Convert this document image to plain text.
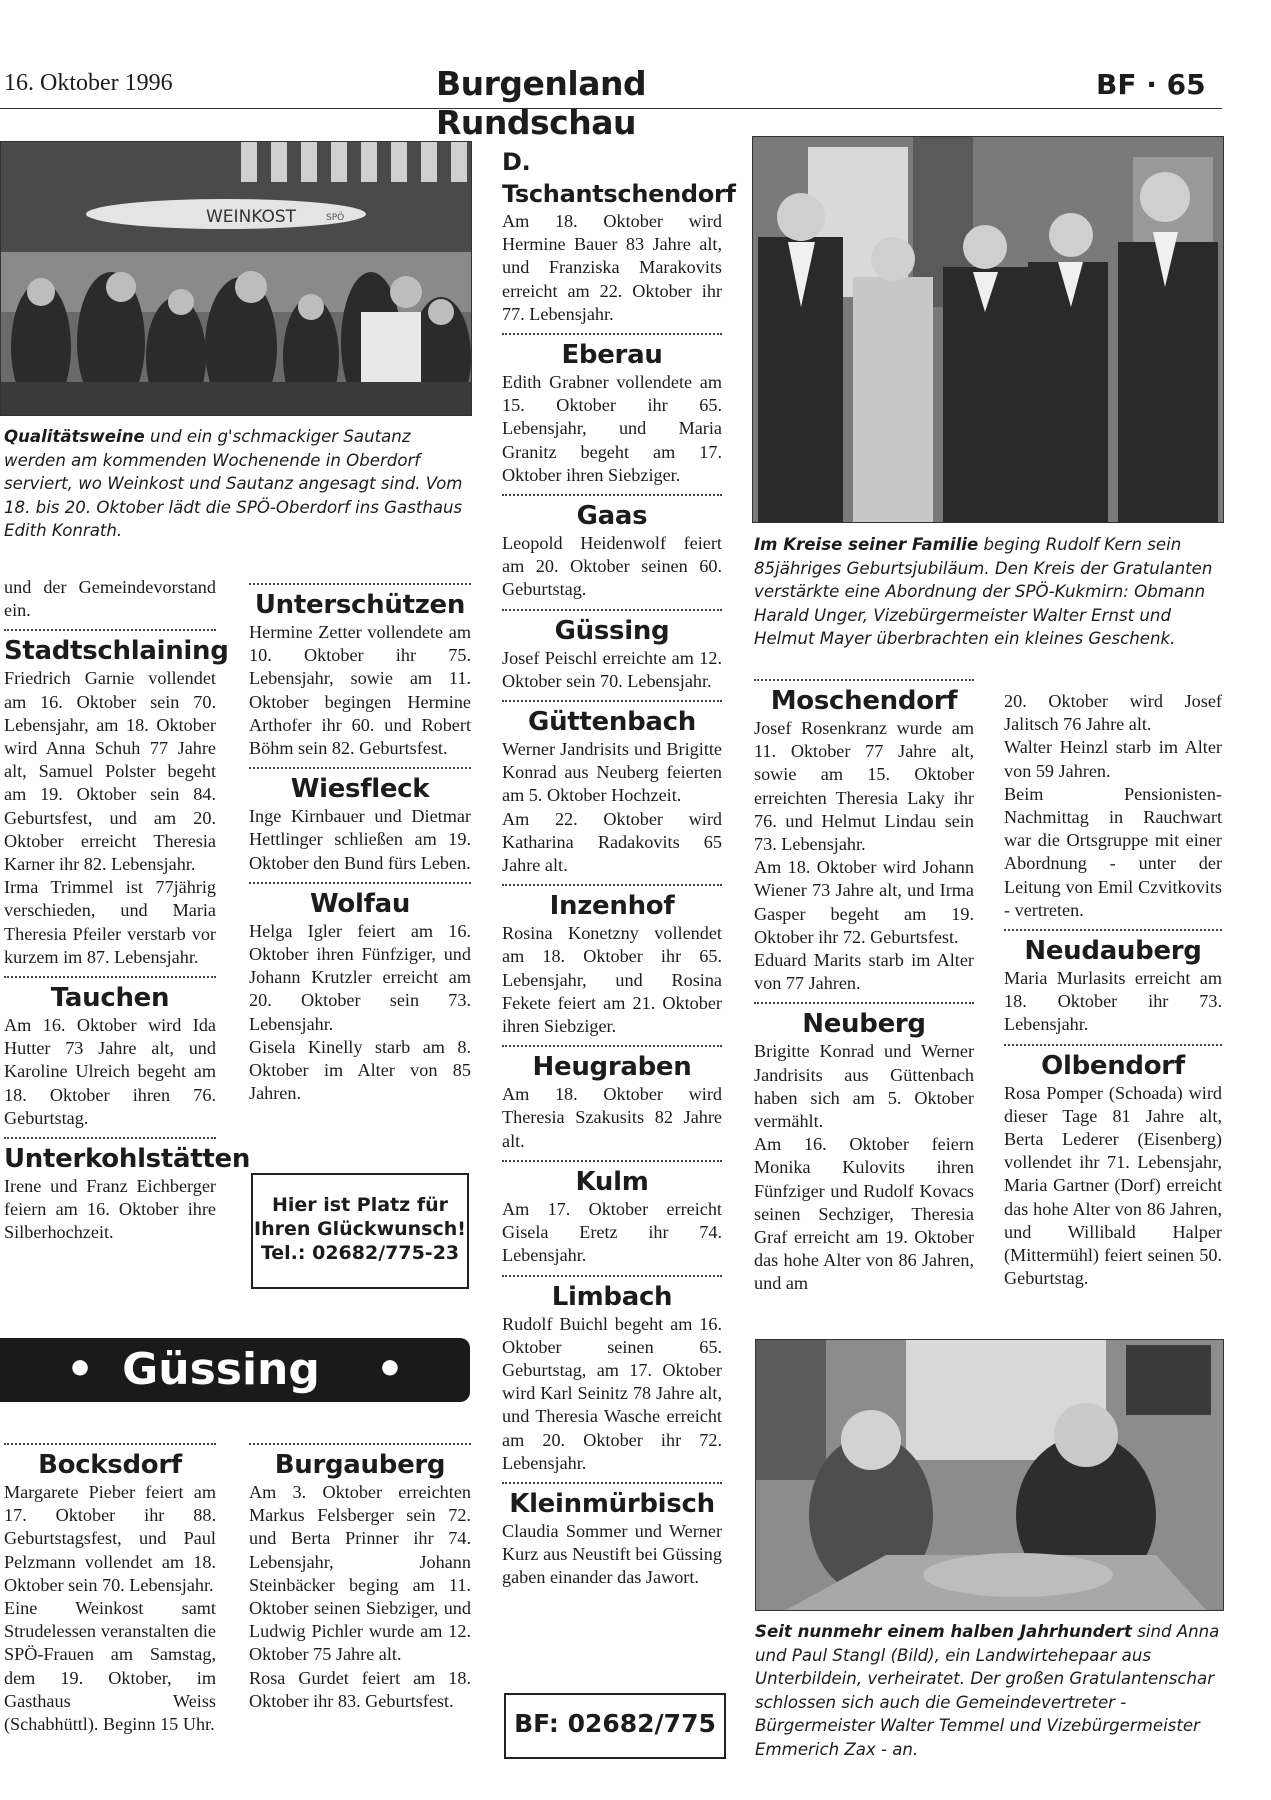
16. Oktober 1996	Burgenland Rundschau
BF · 65
WEINKOST	SPÖ
Qualitätsweine und ein g'schmackiger Sautanz werden am kommenden Wochenende in Oberdorf serviert, wo Weinkost und Sautanz angesagt sind. Vom 18. bis 20. Oktober lädt die SPÖ-Oberdorf ins Gasthaus Edith Konrath.
Im Kreise seiner Familie beging Rudolf Kern sein 85jähriges Geburtsjubiläum. Den Kreis der Gratulanten verstärkte eine Abordnung der SPÖ-Kukmirn: Obmann Harald Unger, Vizebürgermeister Walter Ernst und Helmut Mayer überbrachten ein kleines Geschenk.
Seit nunmehr einem halben Jahrhundert sind Anna und Paul Stangl (Bild), ein Landwirtehepaar aus Unterbildein, verheiratet. Der großen Gratulantenschar schlossen sich auch die Gemeindevertreter - Bürgermeister Walter Temmel und Vizebürgermeister Emmerich Zax - an.

und der Gemeindevorstand ein.

Stadtschlaining

Friedrich Garnie vollendet am 16. Oktober sein 70. Lebensjahr, am 18. Oktober wird Anna Schuh 77 Jahre alt, Samuel Polster begeht am 19. Oktober sein 84. Geburtsfest, und am 20. Oktober erreicht Theresia Karner ihr 82. Lebensjahr.

Irma Trimmel ist 77jährig verschieden, und Maria Theresia Pfeiler verstarb vor kurzem im 87. Lebensjahr.

Tauchen

Am 16. Oktober wird Ida Hutter 73 Jahre alt, und Karoline Ulreich begeht am 18. Oktober ihren 76. Geburtstag.

Unterkohlstätten

Irene und Franz Eichberger feiern am 16. Oktober ihre Silberhochzeit.

Unterschützen

Hermine Zetter vollendete am 10. Oktober ihr 75. Lebensjahr, sowie am 11. Oktober begingen Hermine Arthofer ihr 60. und Robert Böhm sein 82. Geburtsfest.

Wiesfleck

Inge Kirnbauer und Dietmar Hettlinger schließen am 19. Oktober den Bund fürs Leben.

Wolfau

Helga Igler feiert am 16. Oktober ihren Fünfziger, und Johann Krutzler erreicht am 20. Oktober sein 73. Lebensjahr.

Gisela Kinelly starb am 8. Oktober im Alter von 85 Jahren.

Hier ist Platz für
Ihren Glückwunsch!
Tel.: 02682/775-23
• Güssing •
Bocksdorf

Margarete Pieber feiert am 17. Oktober ihr 88. Geburtstagsfest, und Paul Pelzmann vollendet am 18. Oktober sein 70. Lebensjahr.

Eine Weinkost samt Strudelessen veranstalten die SPÖ-Frauen am Samstag, dem 19. Oktober, im Gasthaus Weiss (Schabhüttl). Beginn 15 Uhr.

Burgauberg

Am 3. Oktober erreichten Markus Felsberger sein 72. und Berta Prinner ihr 74. Lebensjahr, Johann Steinbäcker beging am 11. Oktober seinen Siebziger, und Ludwig Pichler wurde am 12. Oktober 75 Jahre alt.

Rosa Gurdet feiert am 18. Oktober ihr 83. Geburtsfest.

D. Tschantschendorf

Am 18. Oktober wird Hermine Bauer 83 Jahre alt, und Franziska Marakovits erreicht am 22. Oktober ihr 77. Lebensjahr.

Eberau

Edith Grabner vollendete am 15. Oktober ihr 65. Lebensjahr, und Maria Granitz begeht am 17. Oktober ihren Siebziger.

Gaas

Leopold Heidenwolf feiert am 20. Oktober seinen 60. Geburtstag.

Güssing

Josef Peischl erreichte am 12. Oktober sein 70. Lebensjahr.

Güttenbach

Werner Jandrisits und Brigitte Konrad aus Neuberg feierten am 5. Oktober Hochzeit.

Am 22. Oktober wird Katharina Radakovits 65 Jahre alt.

Inzenhof

Rosina Konetzny vollendet am 18. Oktober ihr 65. Lebensjahr, und Rosina Fekete feiert am 21. Oktober ihren Siebziger.

Heugraben

Am 18. Oktober wird Theresia Szakusits 82 Jahre alt.

Kulm

Am 17. Oktober erreicht Gisela Eretz ihr 74. Lebensjahr.

Limbach

Rudolf Buichl begeht am 16. Oktober seinen 65. Geburtstag, am 17. Oktober wird Karl Seinitz 78 Jahre alt, und Theresia Wasche erreicht am 20. Oktober ihr 72. Lebensjahr.

Kleinmürbisch

Claudia Sommer und Werner Kurz aus Neustift bei Güssing gaben einander das Jawort.

BF: 02682/775
Moschendorf

Josef Rosenkranz wurde am 11. Oktober 77 Jahre alt, sowie am 15. Oktober erreichten Theresia Laky ihr 76. und Helmut Lindau sein 73. Lebensjahr.

Am 18. Oktober wird Johann Wiener 73 Jahre alt, und Irma Gasper begeht am 19. Oktober ihr 72. Geburtsfest.

Eduard Marits starb im Alter von 77 Jahren.

Neuberg

Brigitte Konrad und Werner Jandrisits aus Güttenbach haben sich am 5. Oktober vermählt.

Am 16. Oktober feiern Monika Kulovits ihren Fünfziger und Rudolf Kovacs seinen Sechziger, Theresia Graf erreicht am 19. Oktober das hohe Alter von 86 Jahren, und am

20. Oktober wird Josef Jalitsch 76 Jahre alt.

Walter Heinzl starb im Alter von 59 Jahren.

Beim Pensionisten-Nachmittag in Rauchwart war die Ortsgruppe mit einer Abordnung - unter der Leitung von Emil Czvitkovits - vertreten.

Neudauberg

Maria Murlasits erreicht am 18. Oktober ihr 73. Lebensjahr.

Olbendorf

Rosa Pomper (Schoada) wird dieser Tage 81 Jahre alt, Berta Lederer (Eisenberg) vollendet ihr 71. Lebensjahr, Maria Gartner (Dorf) erreicht das hohe Alter von 86 Jahren, und Willibald Halper (Mittermühl) feiert seinen 50. Geburtstag.
